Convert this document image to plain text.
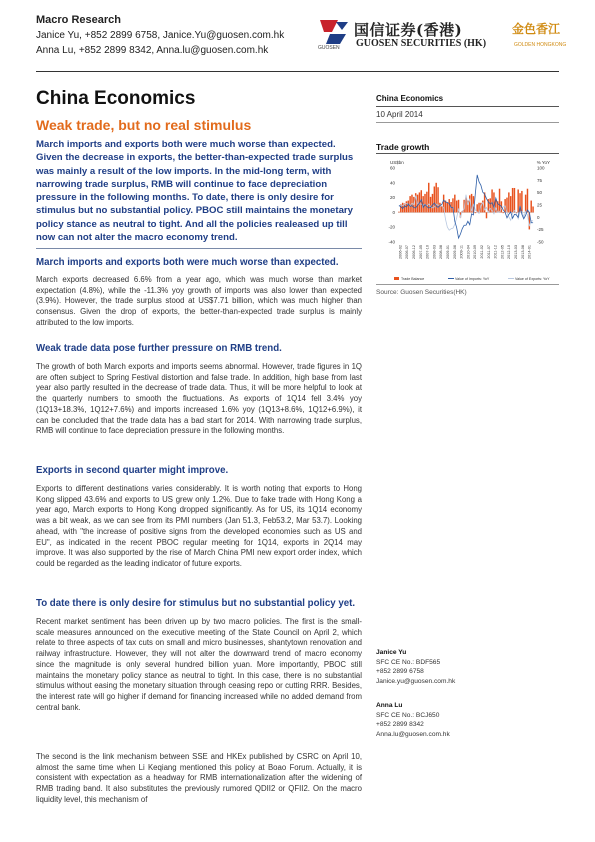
Macro Research
Janice Yu, +852 2899 6758, Janice.Yu@guosen.com.hk
Anna Lu, +852 2899 8342, Anna.lu@guosen.com.hk	GUOSEN
国信证券(香港)
GUOSEN SECURITIES (HK)
金色香江
GOLDEN HONGKONG
China Economics
Weak trade, but no real stimulus

March imports and exports both were much worse than expected. Given the decrease in exports, the better-than-expected trade surplus was mainly a result of the low imports. In the mid-long term, with narrowing trade surplus, RMB will continue to face depreciation pressure in the following months. To date, there is only desire for stimulus but no substantial policy. PBOC still maintains the monetary policy stance as neutral to tight. And all the policies realeased up till now can not alter the macro economy trend.

March imports and exports both were much worse than expected.

March exports decreased 6.6% from a year ago, which was much worse than market expectation (4.8%), while the -11.3% yoy growth of imports was also lower than expected (3.9%). However, the trade surplus stood at US$7.71 billion, which was much higher than consensus. Given the drop of exports, the better-than-expected trade surplus is mainly attributed to the low imports.

Weak trade data pose further pressure on RMB trend.

The growth of both March exports and imports seems abnormal. However, trade figures in 1Q are often subject to Spring Festival distortion and false trade. In addition, high base from last year also partly resulted in the decrease of trade data. Thus, it will be more helpful to look at the quarterly numbers to smooth the fluctuations. As exports of 1Q14 fell 3.4% yoy (1Q13+18.3%, 1Q12+7.6%) and imports increased 1.6% yoy (1Q13+8.6%, 1Q12+6.9%), it can be concluded that the trade data has a bad start for 2014. With narrowing trade surplus, RMB will continue to face depreciation pressure in the following months.

Exports in second quarter might improve.

Exports to different destinations varies considerably. It is worth noting that exports to Hong Kong slipped 43.6% and exports to US grew only 1.2%. Due to fake trade with Hong Kong a year ago, March exports to Hong Kong dropped significantly. As for US, its 1Q14 economy was a bit weak, as we can see from its PMI numbers (Jan 51.3, Feb53.2, Mar 53.7). Looking ahead, with "the increase of positive signs from the developed economies such as US and EU", as indicated in the recent PBOC regular meeting for 1Q14, exports in 2Q14 may improve. It was also supported by the rise of March China PMI new export order index, which could be regarded as the leading indicator of future exports.

To date there is only desire for stimulus but no substantial policy yet.

Recent market sentiment has been driven up by two macro policies. The first is the small-scale measures announced on the executive meeting of the State Council on April 2, which relate to three aspects of tax cuts on small and micro businesses, shantytown renovation and railway infrastructure. However, they will not alter the downward trend of macro economy since the magnitude is only several hundred billion yuan. More importantly, PBOC still maintains the monetary policy stance as neutral to tight. In this case, there is no substantial stimulus without easing the monetary situation through ceasing repo or cutting RRR. Besides, the interest rate will go higher if demand for financing increased while no added demand from central bank.

The second is the link mechanism between SSE and HKEx published by CSRC on April 10, almost the same time when Li Keqiang mentioned this policy at Boao Forum. Actually, it is consistent with expectation as a headway for RMB internationalization after the widening of RMB trading band. It also substitutes the previously rumored QDII2 or QFII2. On the macro liquidity level, this mechanism of

China Economics
10 April 2014
Trade growth
US$bn	% YoY
60
40
20
0
-20
-40
100
75
50
25
0
-25
-50
2006-02 2006-07 2006-12 2007-05 2007-10 2008-03 2008-08 2009-01 2009-06 2009-11 2010-04 2010-09 2011-02 2011-07 2011-12 2012-05 2012-10 2013-03 2013-08 2014-01
Trade Balance	Value of Imports: YoY	Value of Exports: YoY
Source: Guosen Securities(HK)
Janice Yu
SFC CE No.: BDF565
+852 2899 6758
Janice.yu@guosen.com.hk
Anna Lu
SFC CE No.: BCJ650
+852 2899 8342
Anna.lu@guosen.com.hk
